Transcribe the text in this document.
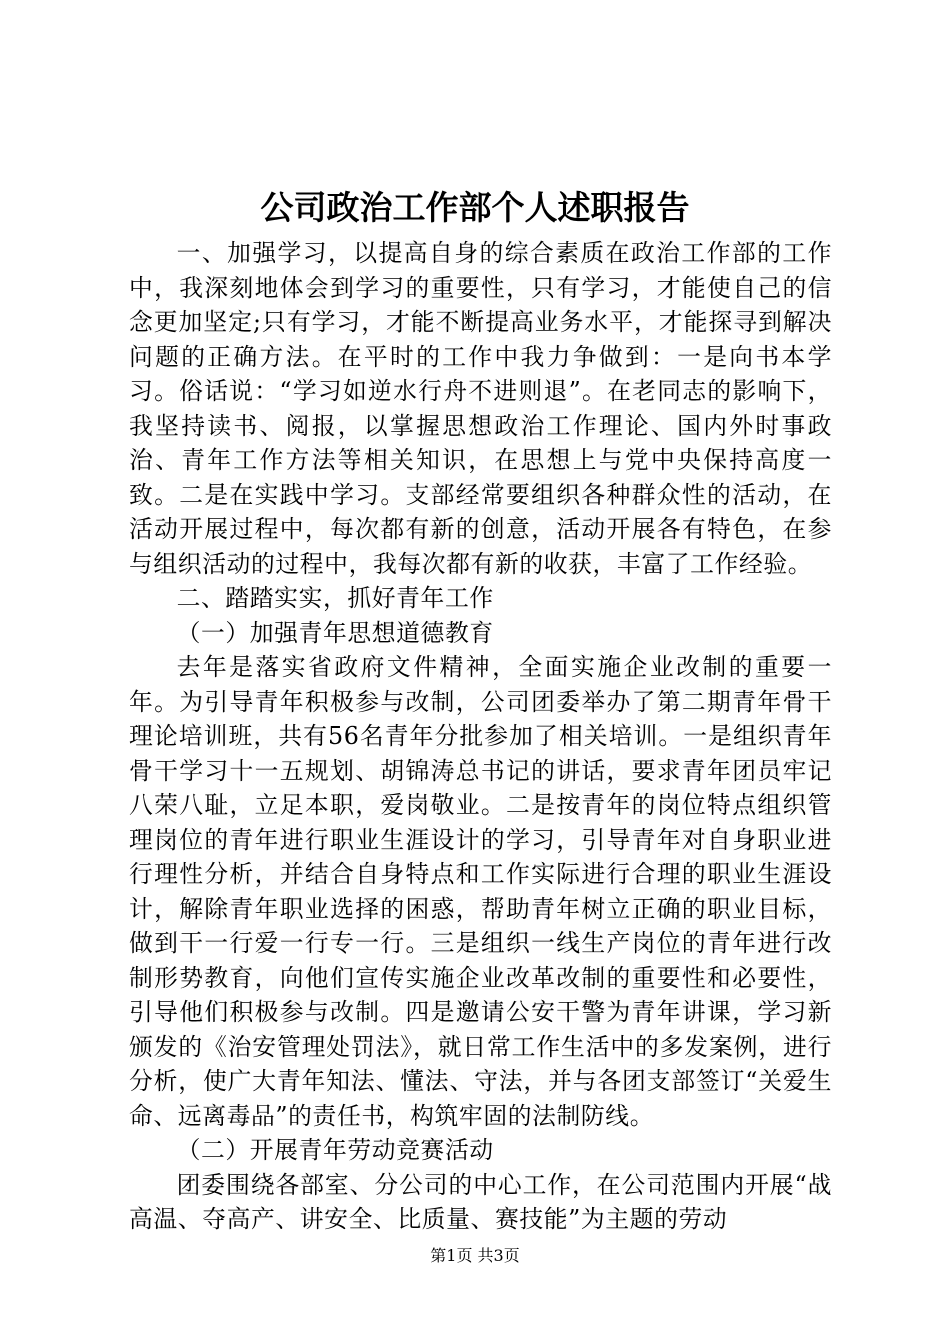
公司政治工作部个人述职报告

一、加强学习，以提高自身的综合素质在政治工作部的工作中，我深刻地体会到学习的重要性，只有学习，才能使自己的信念更加坚定;只有学习，才能不断提高业务水平，才能探寻到解决问题的正确方法。在平时的工作中我力争做到：一是向书本学习。俗话说：“学习如逆水行舟不进则退”。在老同志的影响下，我坚持读书、阅报，以掌握思想政治工作理论、国内外时事政治、青年工作方法等相关知识，在思想上与党中央保持高度一致。二是在实践中学习。支部经常要组织各种群众性的活动，在活动开展过程中，每次都有新的创意，活动开展各有特色，在参与组织活动的过程中，我每次都有新的收获，丰富了工作经验。

二、踏踏实实，抓好青年工作

（一）加强青年思想道德教育

去年是落实省政府文件精神，全面实施企业改制的重要一年。为引导青年积极参与改制，公司团委举办了第二期青年骨干理论培训班，共有56名青年分批参加了相关培训。一是组织青年骨干学习十一五规划、胡锦涛总书记的讲话，要求青年团员牢记八荣八耻，立足本职，爱岗敬业。二是按青年的岗位特点组织管理岗位的青年进行职业生涯设计的学习，引导青年对自身职业进行理性分析，并结合自身特点和工作实际进行合理的职业生涯设计，解除青年职业选择的困惑，帮助青年树立正确的职业目标，做到干一行爱一行专一行。三是组织一线生产岗位的青年进行改制形势教育，向他们宣传实施企业改革改制的重要性和必要性，引导他们积极参与改制。四是邀请公安干警为青年讲课，学习新颁发的《治安管理处罚法》，就日常工作生活中的多发案例，进行分析，使广大青年知法、懂法、守法，并与各团支部签订“关爱生命、远离毒品”的责任书，构筑牢固的法制防线。

（二）开展青年劳动竞赛活动

团委围绕各部室、分公司的中心工作，在公司范围内开展“战高温、夺高产、讲安全、比质量、赛技能”为主题的劳动

第1页 共3页
